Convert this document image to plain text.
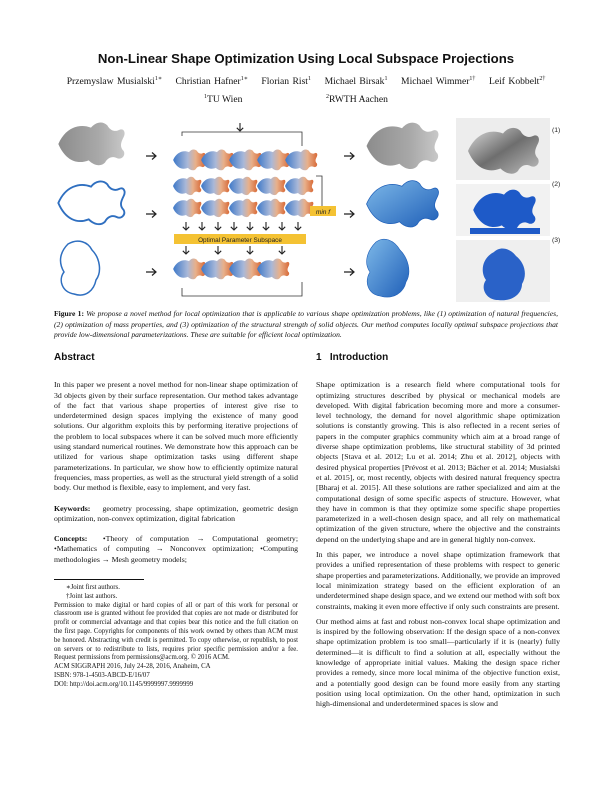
Non-Linear Shape Optimization Using Local Subspace Projections
Przemyslaw Musialski$^{1∗}$ Christian Hafner$^{1∗}$ Florian Rist$^1$ Michael Birsak$^1$ Michael Wimmer$^{1\dagger}$ Leif Kobbelt$^{2\dagger}$
$^1$TU Wien	$^2$RWTH Aachen
Optimal Parameter Subspace
min f
(1)
(2)
(3)
Figure 1: We propose a novel method for local optimization that is applicable to various shape optimization problems, like (1) optimization of natural frequencies, (2) optimization of mass properties, and (3) optimization of the structural strength of solid objects. Our method computes locally optimal subspace projections that provide low-dimensional parameterizations. These are suitable for efficient local optimization.
Abstract

In this paper we present a novel method for non-linear shape optimization of 3d objects given by their surface representation. Our method takes advantage of the fact that various shape properties of interest give rise to underdetermined design spaces implying the existence of many good solutions. Our algorithm exploits this by performing iterative projections of the problem to local subspaces where it can be solved much more efficiently using standard numerical routines. We demonstrate how this approach can be utilized for various shape optimization tasks using different shape parameterizations. In particular, we show how to efficiently optimize natural frequencies, mass properties, as well as the structural yield strength of a solid body. Our method is flexible, easy to implement, and very fast.

Keywords: geometry processing, shape optimization, geometric design optimization, non-convex optimization, digital fabrication

Concepts: •Theory of computation → Computational geometry; •Mathematics of computing → Nonconvex optimization; •Computing methodologies → Mesh geometry models;

∗Joint first authors.
†Joint last authors.
Permission to make digital or hard copies of all or part of this work for personal or classroom use is granted without fee provided that copies are not made or distributed for profit or commercial advantage and that copies bear this notice and the full citation on the first page. Copyrights for components of this work owned by others than ACM must be honored. Abstracting with credit is permitted. To copy otherwise, or republish, to post on servers or to redistribute to lists, requires prior specific permission and/or a fee. Request permissions from permissions@acm.org. © 2016 ACM.
ACM SIGGRAPH 2016, July 24-28, 2016, Anaheim, CA
ISBN: 978-1-4503-ABCD-E/16/07
DOI: http://doi.acm.org/10.1145/9999997.9999999
1   Introduction

Shape optimization is a research field where computational tools for optimizing structures described by physical or mechanical models are developed. With digital fabrication becoming more and more a consumer-level technology, the demand for novel algorithmic shape optimization solutions is constantly growing. This is also reflected in a recent series of papers in the computer graphics community which aim at a broad range of diverse shape optimization problems, like structural stability of 3d printed objects [Stava et al. 2012; Lu et al. 2014; Zhu et al. 2012], objects with desired physical properties [Prévost et al. 2013; Bächer et al. 2014; Musialski et al. 2015], or, most recently, objects with desired natural frequency spectra [Bharaj et al. 2015]. All these solutions are rather specialized and aim at the computational design of some specific aspects of structure. However, what they have in common is that they optimize some specific shape properties parameterized in a well-chosen design space, and all rely on mathematical optimization of the given structure, where the objective and the constraints depend on the underlying shape and are in general highly non-convex.

In this paper, we introduce a novel shape optimization framework that provides a unified representation of these problems with respect to generic shape properties and parameterizations. Additionally, we provide an improved local minimization strategy based on the efficient exploration of an underdetermined shape design space, and we extend our method with soft box constraints, making it even more effective if only such constraints are present.

Our method aims at fast and robust non-convex local shape optimization and is inspired by the following observation: If the design space of a non-convex shape optimization problem is too small—particularly if it is (nearly) fully determined—it is difficult to find a solution at all, especially without the knowledge of appropriate initial values. Making the design space richer provides a remedy, since more local minima of the objective function exist, and a potentially good design can be found more easily from any starting position using local optimization. On the other hand, optimization in such high-dimensional and underdetermined spaces is slow and
